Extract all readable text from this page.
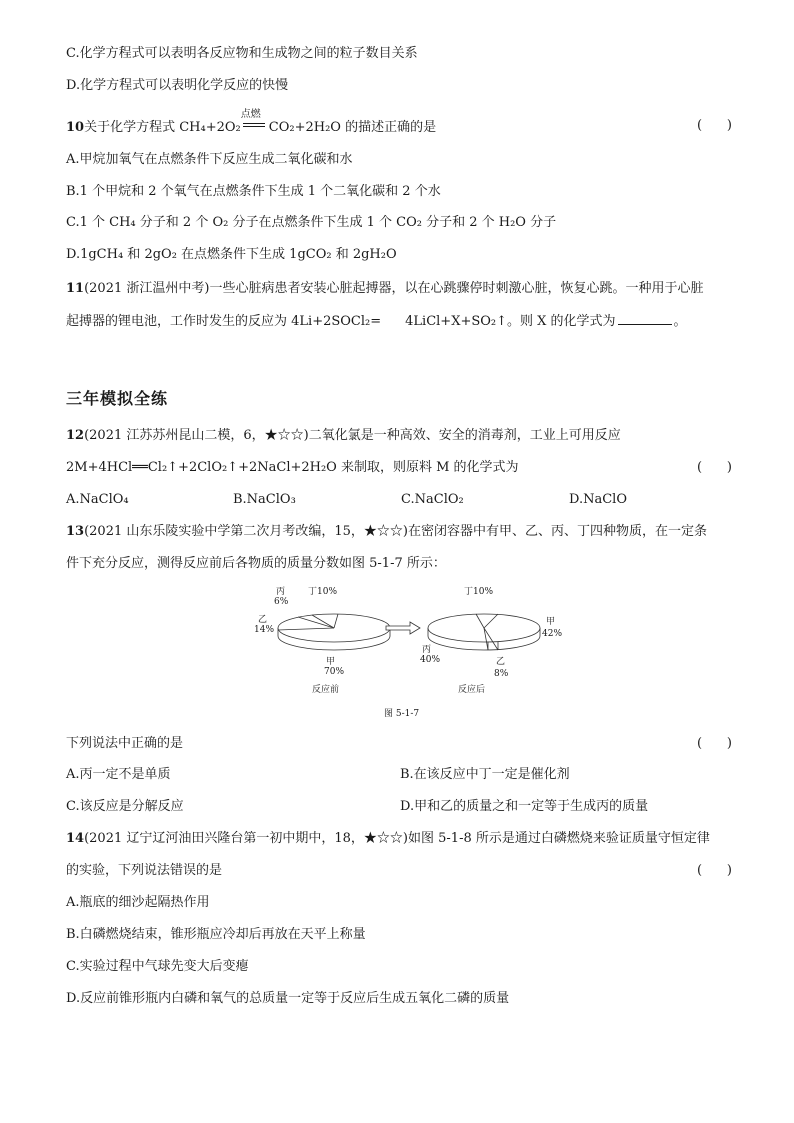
C.化学方程式可以表明各反应物和生成物之间的粒子数目关系
D.化学方程式可以表明化学反应的快慢
10关于化学方程式 CH₄+2O₂
点燃
CO₂+2H₂O 的描述正确的是	(      )
A.甲烷加氧气在点燃条件下反应生成二氧化碳和水
B.1 个甲烷和 2 个氧气在点燃条件下生成 1 个二氧化碳和 2 个水
C.1 个 CH₄ 分子和 2 个 O₂ 分子在点燃条件下生成 1 个 CO₂ 分子和 2 个 H₂O 分子
D.1gCH₄ 和 2gO₂ 在点燃条件下生成 1gCO₂ 和 2gH₂O
11(2021 浙江温州中考)一些心脏病患者安装心脏起搏器，以在心跳骤停时刺激心脏，恢复心跳。一种用于心脏
起搏器的锂电池，工作时发生的反应为 4Li+2SOCl₂= 4LiCl+X+SO₂↑。则 X 的化学式为	。
三年模拟全练
12(2021 江苏苏州昆山二模，6，★☆☆)二氧化氯是一种高效、安全的消毒剂，工业上可用反应
2M+4HCl══Cl₂↑+2ClO₂↑+2NaCl+2H₂O 来制取，则原料 M 的化学式为	(      )
A.NaClO₄	B.NaClO₃	C.NaClO₂	D.NaClO
13(2021 山东乐陵实验中学第二次月考改编，15，★☆☆)在密闭容器中有甲、乙、丙、丁四种物质，在一定条
件下充分反应，测得反应前后各物质的质量分数如图 5-1-7 所示：
丙
6%
丁10%
乙
14%
甲
70%
反应前
丁10%
甲
42%
丙
40%	乙
8%
反应后
图 5-1-7
下列说法中正确的是	(      )
A.丙一定不是单质	B.在该反应中丁一定是催化剂
C.该反应是分解反应	D.甲和乙的质量之和一定等于生成丙的质量
14(2021 辽宁辽河油田兴隆台第一初中期中，18，★☆☆)如图 5-1-8 所示是通过白磷燃烧来验证质量守恒定律
的实验，下列说法错误的是	(      )
A.瓶底的细沙起隔热作用
B.白磷燃烧结束，锥形瓶应冷却后再放在天平上称量
C.实验过程中气球先变大后变瘪
D.反应前锥形瓶内白磷和氧气的总质量一定等于反应后生成五氧化二磷的质量
